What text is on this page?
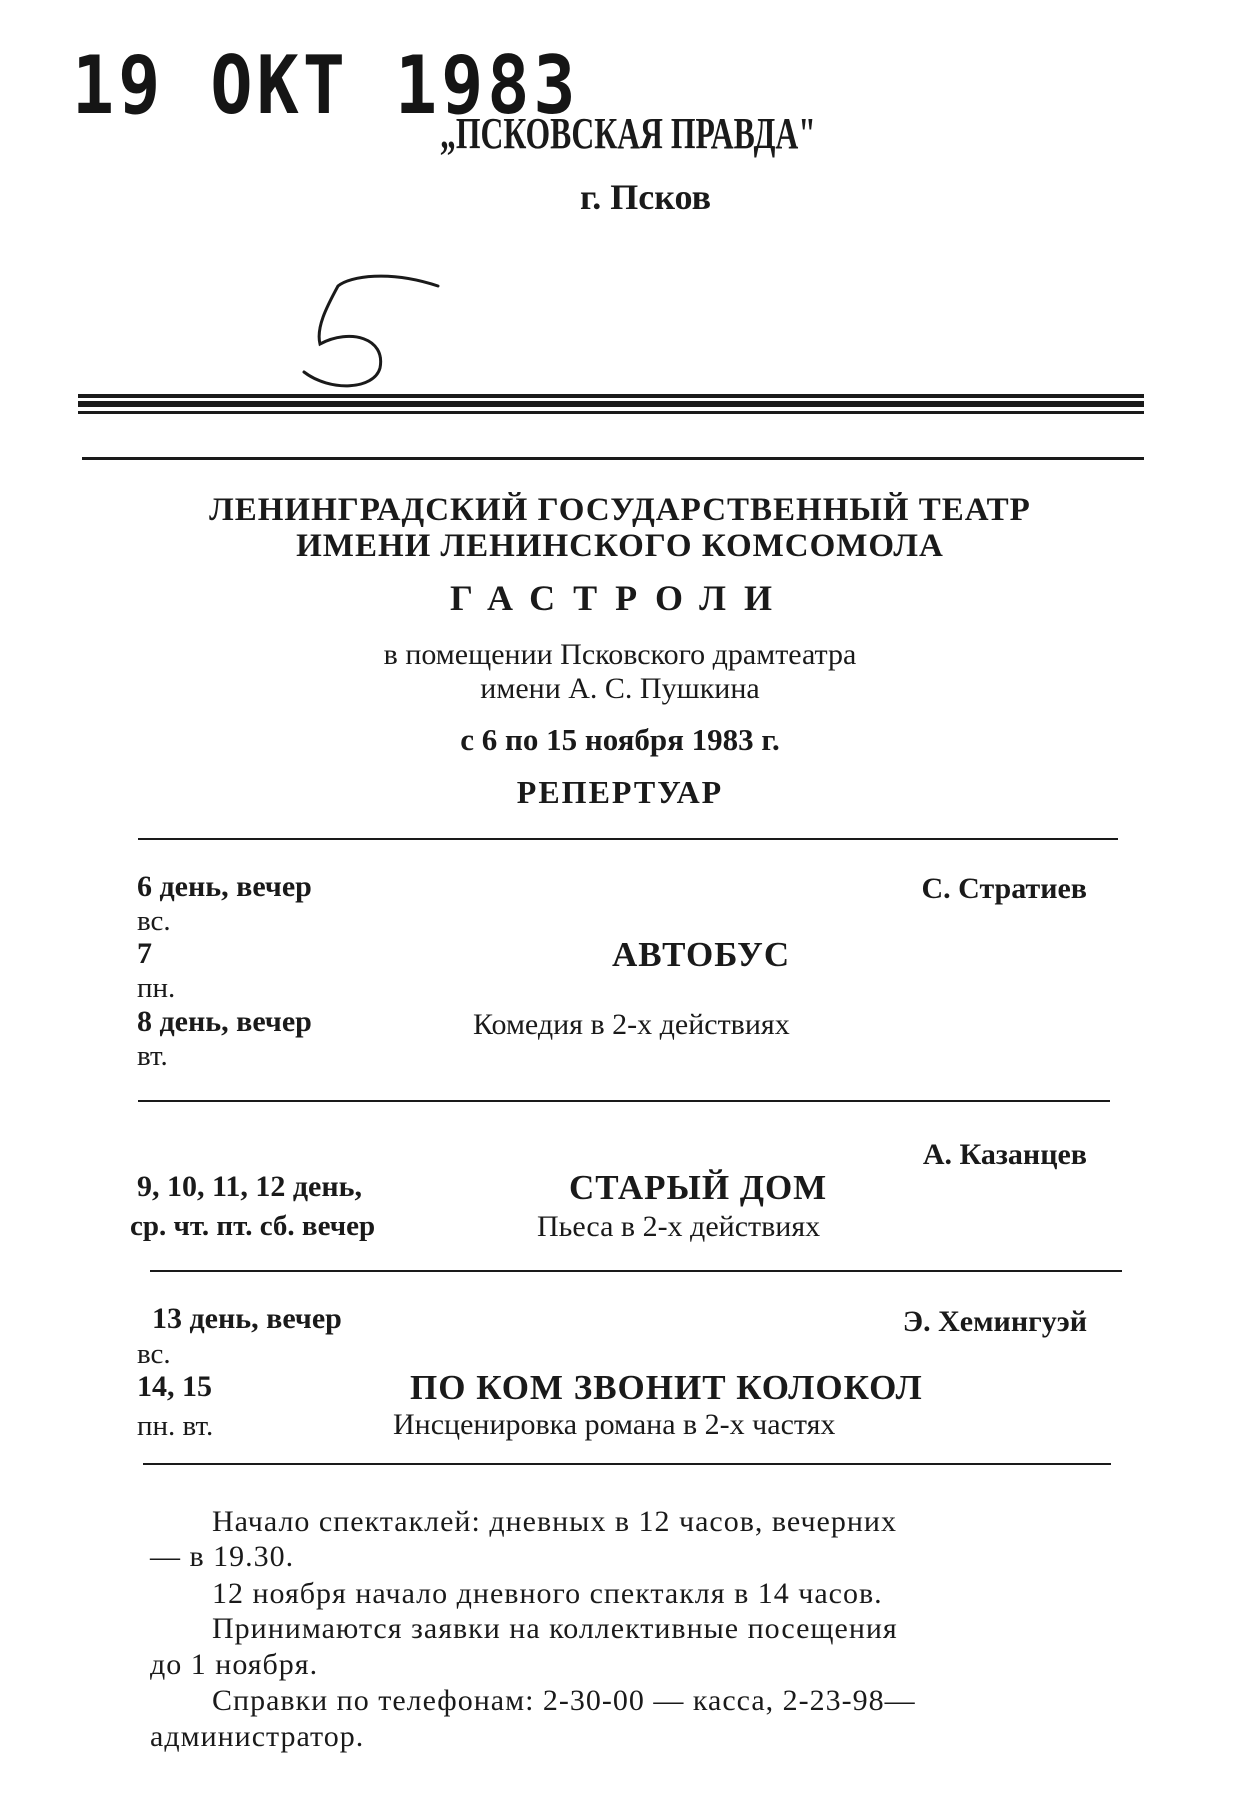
19 ОКТ 1983
„ПСКОВСКАЯ ПРАВДА"
г. Псков
ЛЕНИНГРАДСКИЙ ГОСУДАРСТВЕННЫЙ ТЕАТР
ИМЕНИ ЛЕНИНСКОГО КОМСОМОЛА
ГАСТРОЛИ
в помещении Псковского драмтеатра
имени А. С. Пушкина
с 6 по 15 ноября 1983 г.
РЕПЕРТУАР
6 день, вечер
вс.
7
пн.
8 день, вечер
вт.
С. Стратиев
АВТОБУС
Комедия в 2-х действиях
А. Казанцев
9, 10, 11, 12 день,
ср. чт. пт. сб. вечер
СТАРЫЙ ДОМ
Пьеса в 2-х действиях
13 день, вечер
вс.
14, 15
пн. вт.
Э. Хемингуэй
ПО КОМ ЗВОНИТ КОЛОКОЛ
Инсценировка романа в 2-х частях
Начало спектаклей: дневных в 12 часов, вечерних
— в 19.30.
12 ноября начало дневного спектакля в 14 часов.
Принимаются заявки на коллективные посещения
до 1 ноября.
Справки по телефонам: 2-30-00 — касса, 2-23-98—
администратор.
